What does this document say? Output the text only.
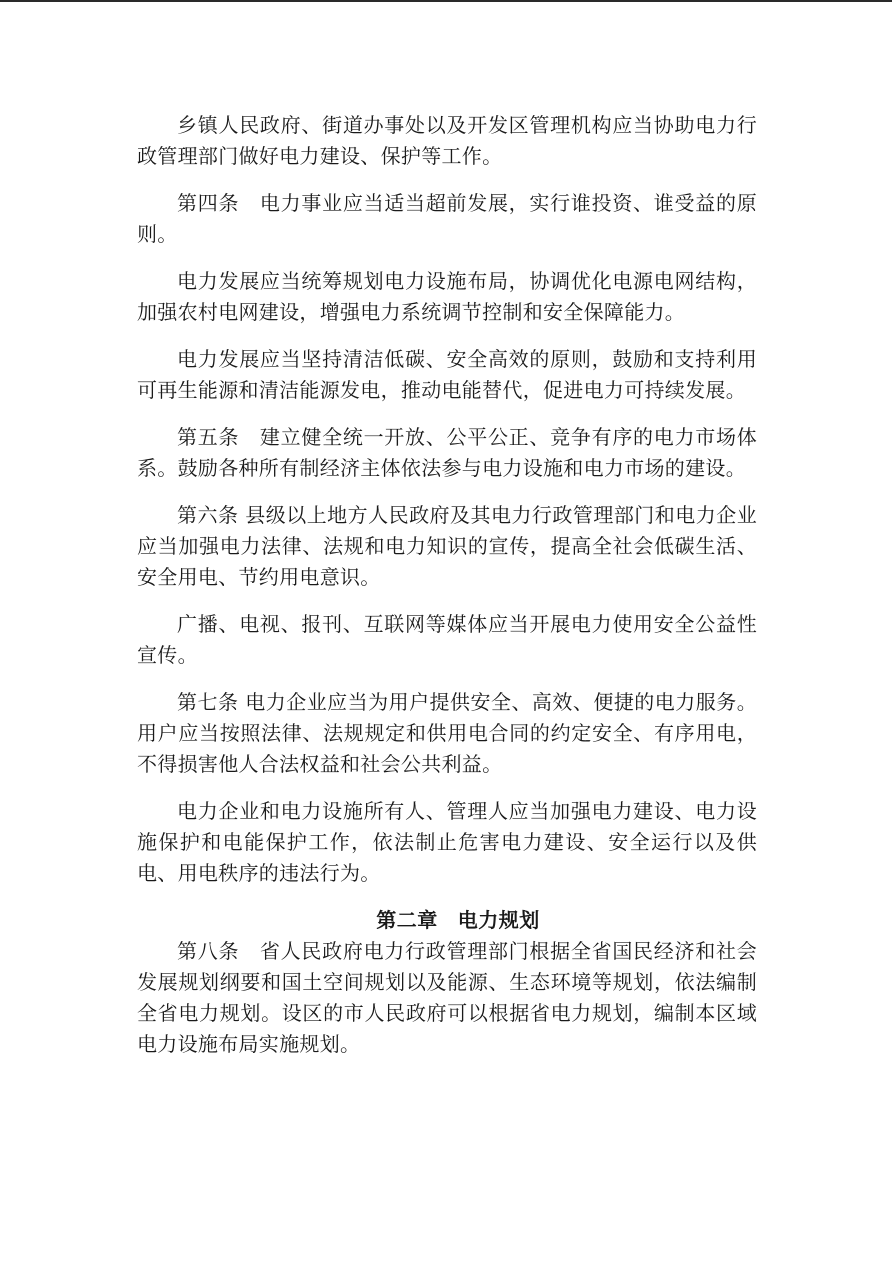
乡镇人民政府、街道办事处以及开发区管理机构应当协助电力行政管理部门做好电力建设、保护等工作。

第四条　电力事业应当适当超前发展，实行谁投资、谁受益的原则。

电力发展应当统筹规划电力设施布局，协调优化电源电网结构，加强农村电网建设，增强电力系统调节控制和安全保障能力。

电力发展应当坚持清洁低碳、安全高效的原则，鼓励和支持利用可再生能源和清洁能源发电，推动电能替代，促进电力可持续发展。

第五条　建立健全统一开放、公平公正、竞争有序的电力市场体系。鼓励各种所有制经济主体依法参与电力设施和电力市场的建设。

第六条 县级以上地方人民政府及其电力行政管理部门和电力企业应当加强电力法律、法规和电力知识的宣传，提高全社会低碳生活、安全用电、节约用电意识。

广播、电视、报刊、互联网等媒体应当开展电力使用安全公益性宣传。

第七条 电力企业应当为用户提供安全、高效、便捷的电力服务。用户应当按照法律、法规规定和供用电合同的约定安全、有序用电，不得损害他人合法权益和社会公共利益。

电力企业和电力设施所有人、管理人应当加强电力建设、电力设施保护和电能保护工作，依法制止危害电力建设、安全运行以及供电、用电秩序的违法行为。

第二章 电力规划

第八条　省人民政府电力行政管理部门根据全省国民经济和社会发展规划纲要和国土空间规划以及能源、生态环境等规划，依法编制全省电力规划。设区的市人民政府可以根据省电力规划，编制本区域电力设施布局实施规划。
